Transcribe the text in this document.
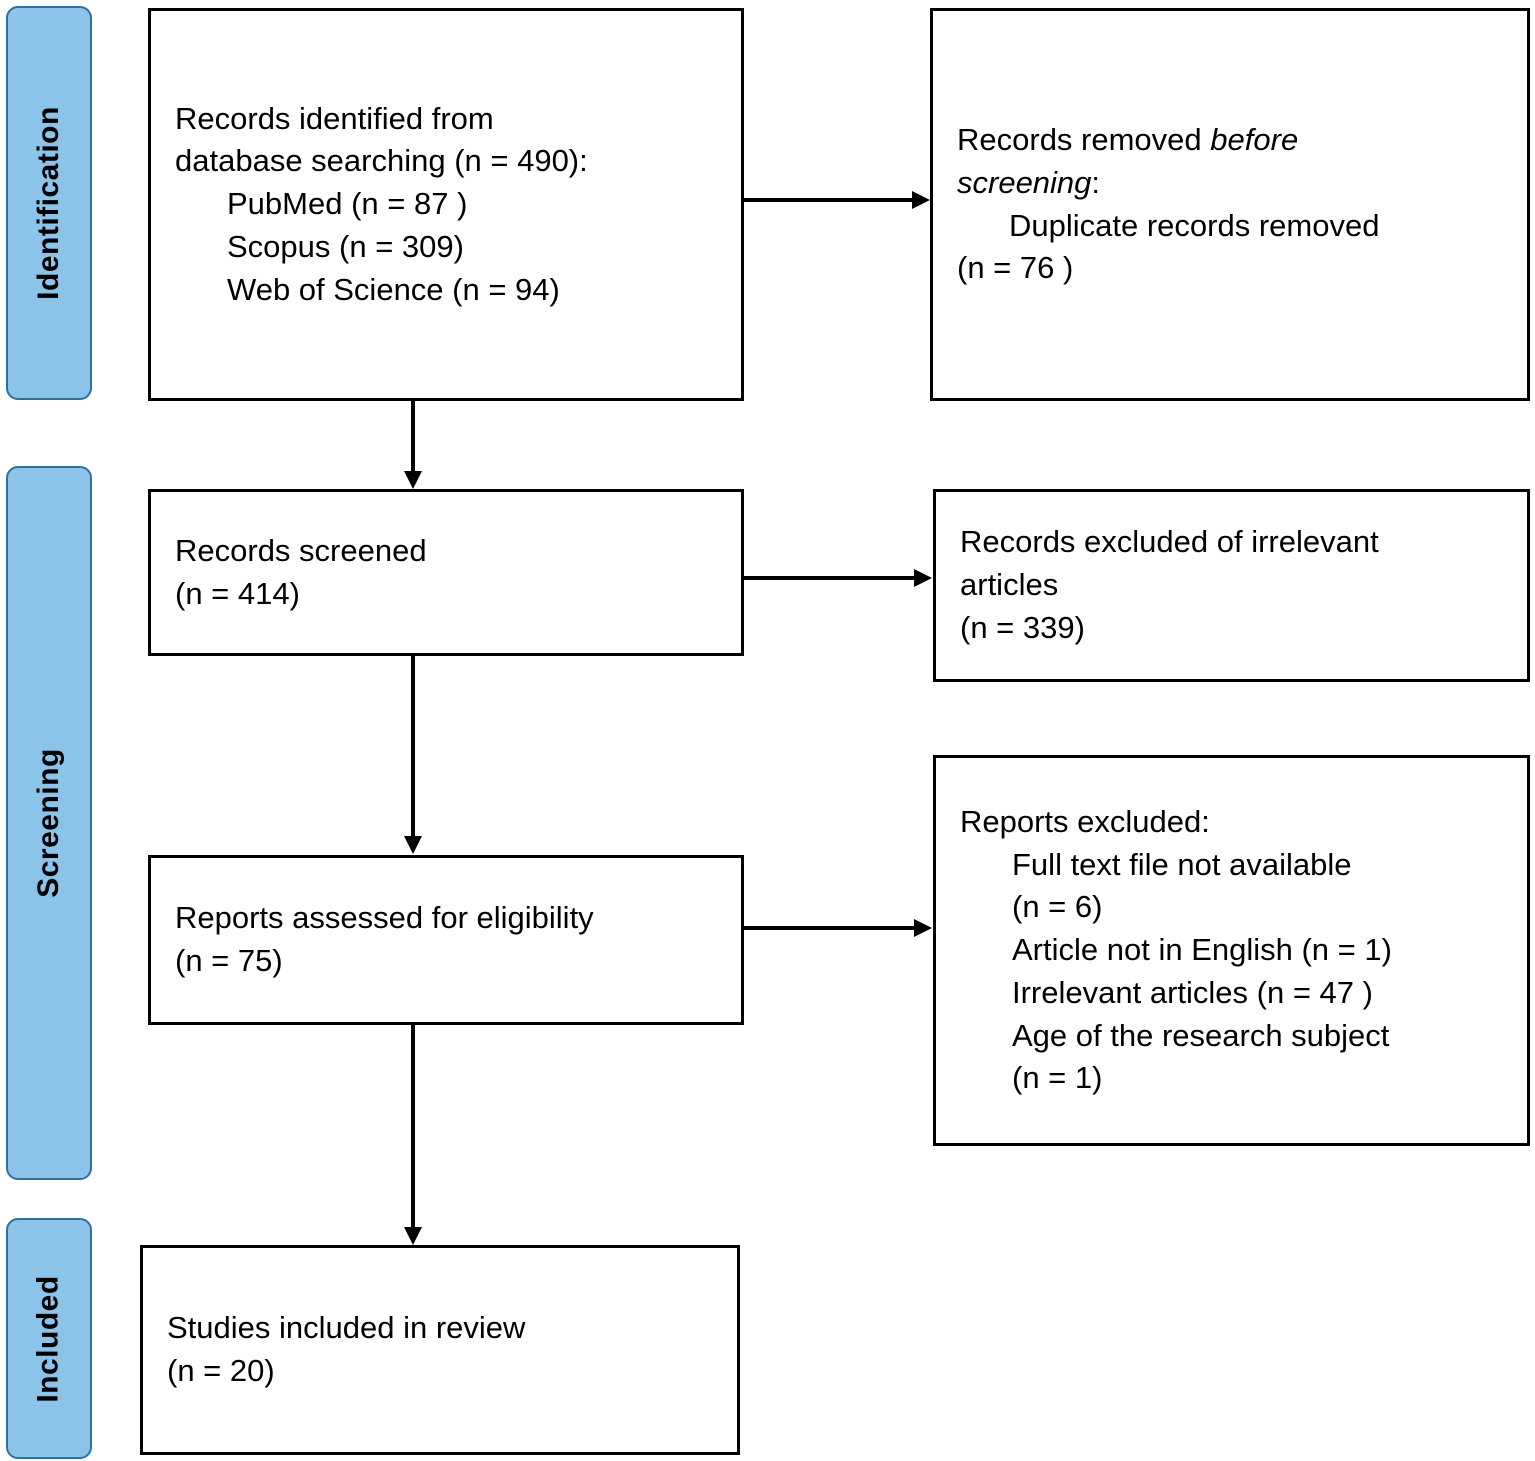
Identification
Screening
Included
Records identified from
database searching (n = 490):
PubMed (n = 87 )
Scopus (n = 309)
Web of Science (n = 94)
Records removed before
screening:
Duplicate records removed
(n = 76 )
Records screened
(n = 414)
Records excluded of irrelevant
articles
(n = 339)
Reports assessed for eligibility
(n = 75)
Reports excluded:
Full text file not available
(n = 6)
Article not in English (n = 1)
Irrelevant articles (n = 47 )
Age of the research subject
(n = 1)
Studies included in review
(n = 20)
